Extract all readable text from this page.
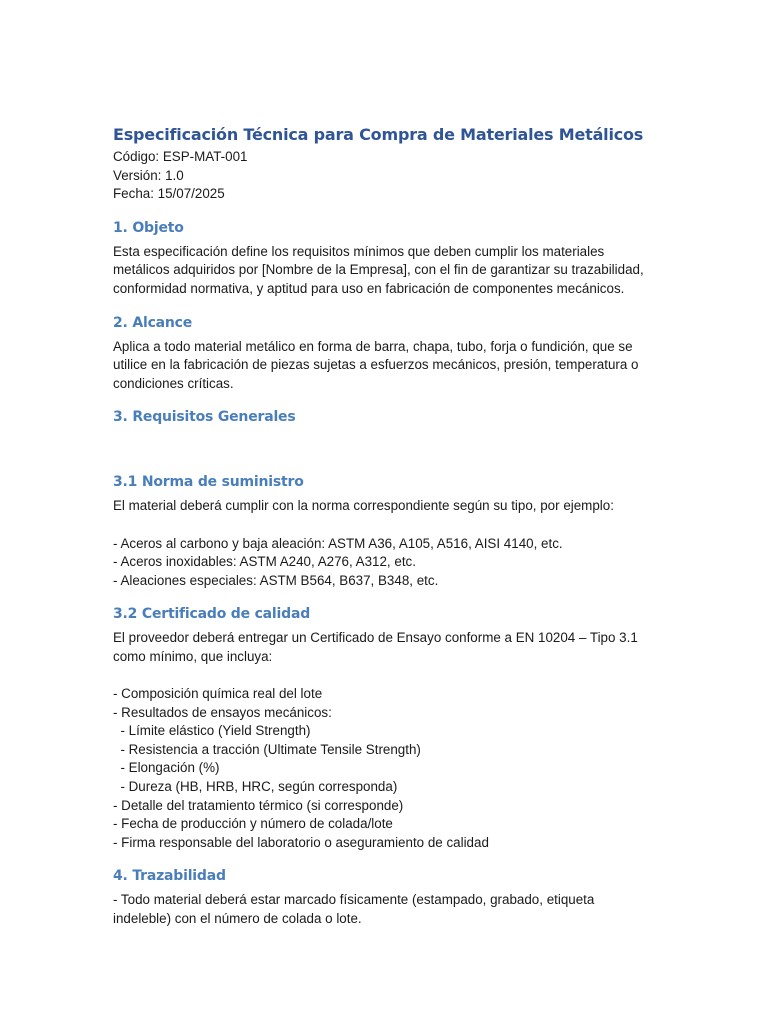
Especificación Técnica para Compra de Materiales Metálicos

Código: ESP-MAT-001

Versión: 1.0

Fecha: 15/07/2025

1. Objeto

Esta especificación define los requisitos mínimos que deben cumplir los materiales metálicos adquiridos por [Nombre de la Empresa], con el fin de garantizar su trazabilidad, conformidad normativa, y aptitud para uso en fabricación de componentes mecánicos.

2. Alcance

Aplica a todo material metálico en forma de barra, chapa, tubo, forja o fundición, que se utilice en la fabricación de piezas sujetas a esfuerzos mecánicos, presión, temperatura o condiciones críticas.

3. Requisitos Generales
3.1 Norma de suministro

El material deberá cumplir con la norma correspondiente según su tipo, por ejemplo:

- Aceros al carbono y baja aleación: ASTM A36, A105, A516, AISI 4140, etc.

- Aceros inoxidables: ASTM A240, A276, A312, etc.

- Aleaciones especiales: ASTM B564, B637, B348, etc.

3.2 Certificado de calidad

El proveedor deberá entregar un Certificado de Ensayo conforme a EN 10204 – Tipo 3.1 como mínimo, que incluya:

- Composición química real del lote

- Resultados de ensayos mecánicos:

- Límite elástico (Yield Strength)

- Resistencia a tracción (Ultimate Tensile Strength)

- Elongación (%)

- Dureza (HB, HRB, HRC, según corresponda)

- Detalle del tratamiento térmico (si corresponde)

- Fecha de producción y número de colada/lote

- Firma responsable del laboratorio o aseguramiento de calidad

4. Trazabilidad

- Todo material deberá estar marcado físicamente (estampado, grabado, etiqueta indeleble) con el número de colada o lote.
